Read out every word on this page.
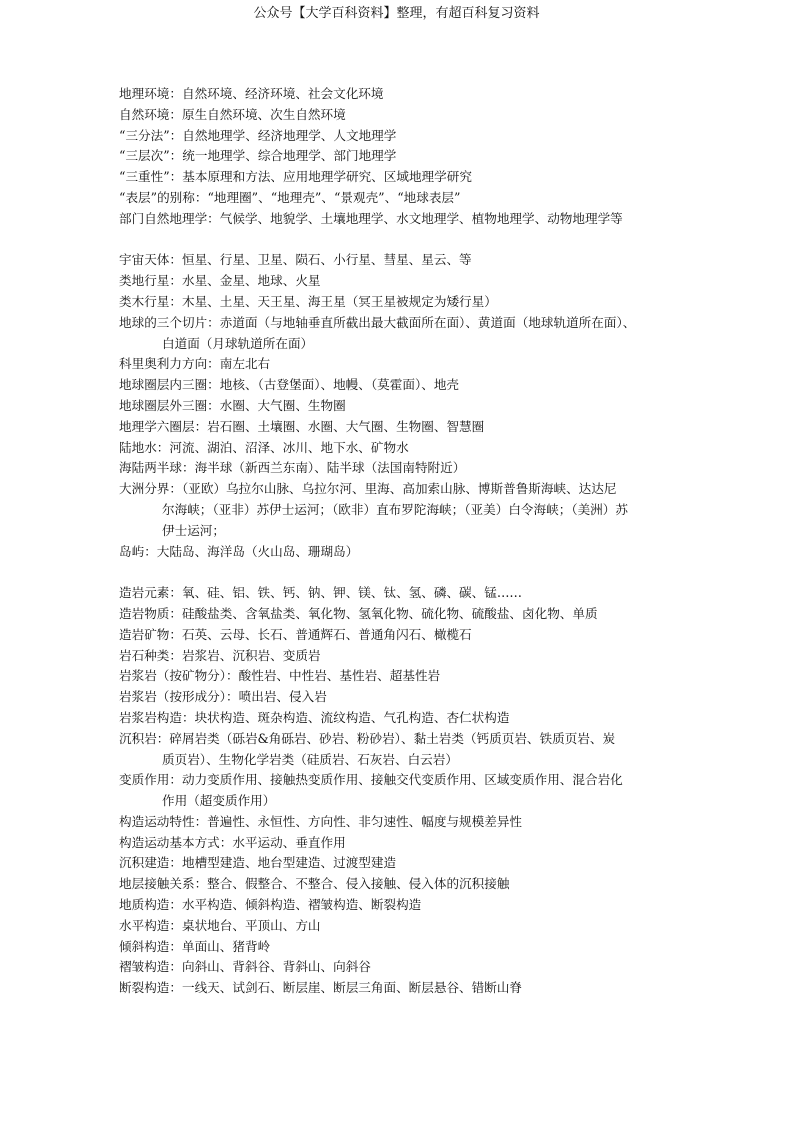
公众号【大学百科资料】整理，有超百科复习资料
地理环境：自然环境、经济环境、社会文化环境
自然环境：原生自然环境、次生自然环境
“三分法”：自然地理学、经济地理学、人文地理学
“三层次”：统一地理学、综合地理学、部门地理学
“三重性”：基本原理和方法、应用地理学研究、区域地理学研究
“表层”的别称：“地理圈”、“地理壳”、“景观壳”、“地球表层”
部门自然地理学：气候学、地貌学、土壤地理学、水文地理学、植物地理学、动物地理学等
宇宙天体：恒星、行星、卫星、陨石、小行星、彗星、星云、等
类地行星：水星、金星、地球、火星
类木行星：木星、土星、天王星、海王星（冥王星被规定为矮行星）
地球的三个切片：赤道面（与地轴垂直所截出最大截面所在面）、黄道面（地球轨道所在面）、
白道面（月球轨道所在面）
科里奥利力方向：南左北右
地球圈层内三圈：地核、（古登堡面）、地幔、（莫霍面）、地壳
地球圈层外三圈：水圈、大气圈、生物圈
地理学六圈层：岩石圈、土壤圈、水圈、大气圈、生物圈、智慧圈
陆地水：河流、湖泊、沼泽、冰川、地下水、矿物水
海陆两半球：海半球（新西兰东南）、陆半球（法国南特附近）
大洲分界：（亚欧）乌拉尔山脉、乌拉尔河、里海、高加索山脉、博斯普鲁斯海峡、达达尼
尔海峡；（亚非）苏伊士运河；（欧非）直布罗陀海峡；（亚美）白令海峡；（美洲）苏
伊士运河；
岛屿：大陆岛、海洋岛（火山岛、珊瑚岛）
造岩元素：氧、硅、铝、铁、钙、钠、钾、镁、钛、氢、磷、碳、锰……
造岩物质：硅酸盐类、含氧盐类、氧化物、氢氧化物、硫化物、硫酸盐、卤化物、单质
造岩矿物：石英、云母、长石、普通辉石、普通角闪石、橄榄石
岩石种类：岩浆岩、沉积岩、变质岩
岩浆岩（按矿物分）：酸性岩、中性岩、基性岩、超基性岩
岩浆岩（按形成分）：喷出岩、侵入岩
岩浆岩构造：块状构造、斑杂构造、流纹构造、气孔构造、杏仁状构造
沉积岩：碎屑岩类（砾岩&角砾岩、砂岩、粉砂岩）、黏土岩类（钙质页岩、铁质页岩、炭
质页岩）、生物化学岩类（硅质岩、石灰岩、白云岩）
变质作用：动力变质作用、接触热变质作用、接触交代变质作用、区域变质作用、混合岩化
作用（超变质作用）
构造运动特性：普遍性、永恒性、方向性、非匀速性、幅度与规模差异性
构造运动基本方式：水平运动、垂直作用
沉积建造：地槽型建造、地台型建造、过渡型建造
地层接触关系：整合、假整合、不整合、侵入接触、侵入体的沉积接触
地质构造：水平构造、倾斜构造、褶皱构造、断裂构造
水平构造：桌状地台、平顶山、方山
倾斜构造：单面山、猪背岭
褶皱构造：向斜山、背斜谷、背斜山、向斜谷
断裂构造：一线天、试剑石、断层崖、断层三角面、断层悬谷、错断山脊
